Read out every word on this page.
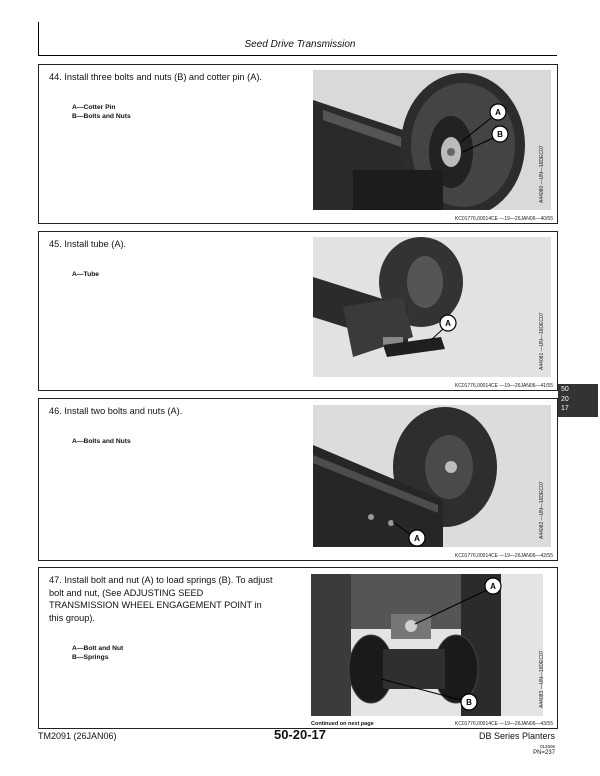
Seed Drive Transmission
44. Install three bolts and nuts (B) and cotter pin (A).
A—Cotter Pin
B—Bolts and Nuts	A
B
A44080 —UN—16DEC07
KC01776,00014CE —19—26JAN06—40/55
45. Install tube (A).
A—Tube
A	A44081 —UN—16DEC07
KC01776,00014CE —19—26JAN06—41/55
46. Install two bolts and nuts (A).
A—Bolts and Nuts
A	A44082 —UN—16DEC07
KC01776,00014CE —19—26JAN06—42/55
47. Install bolt and nut (A) to load springs (B). To adjust
bolt and nut, (See ADJUSTING SEED
TRANSMISSION WHEEL ENGAGEMENT POINT in
this group).
A—Bolt and Nut
B—Springs
A
B	A44083 —UN—16DEC07
Continued on next page	KC01776,00014CE —19—26JAN06—43/55
50
20
17
TM2091 (26JAN06)	50-20-17	DB Series Planters
012606
PN=237
